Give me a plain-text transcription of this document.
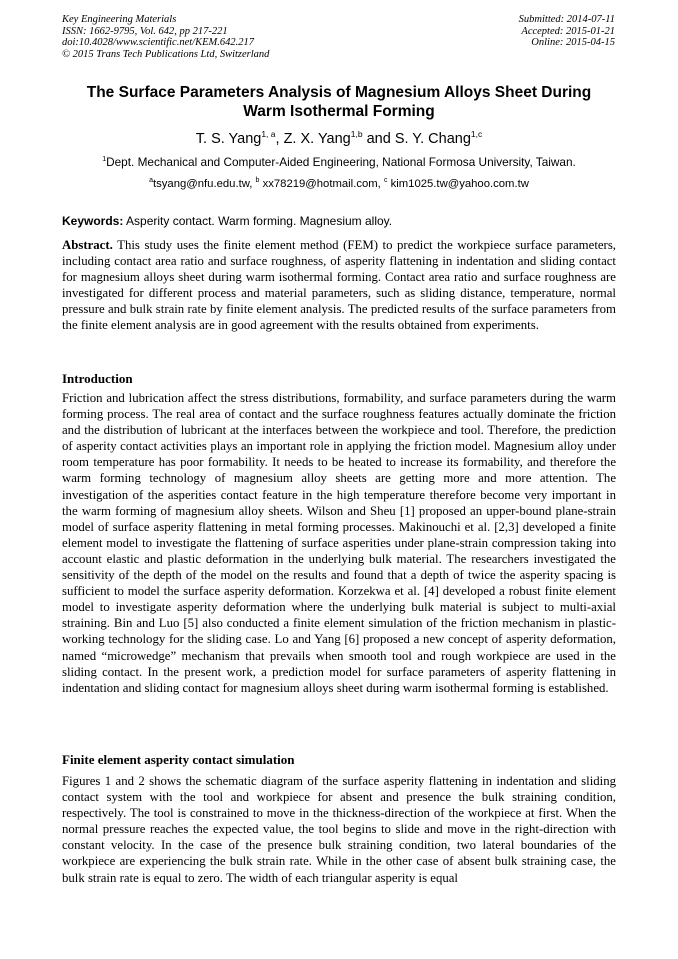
Key Engineering Materials
ISSN: 1662-9795, Vol. 642, pp 217-221
doi:10.4028/www.scientific.net/KEM.642.217
© 2015 Trans Tech Publications Ltd, Switzerland
Submitted: 2014-07-11
Accepted: 2015-01-21
Online: 2015-04-15
The Surface Parameters Analysis of Magnesium Alloys Sheet During
Warm Isothermal Forming
T. S. Yang$^{1, a}$, Z. X. Yang$^{1,b}$ and S. Y. Chang$^{1,c}$
$^1$Dept. Mechanical and Computer-Aided Engineering, National Formosa University, Taiwan.
$^a$tsyang@nfu.edu.tw, $^b$ xx78219@hotmail.com, $^c$ kim1025.tw@yahoo.com.tw
Keywords: Asperity contact. Warm forming. Magnesium alloy.
Abstract. This study uses the finite element method (FEM) to predict the workpiece surface parameters, including contact area ratio and surface roughness, of asperity flattening in indentation and sliding contact for magnesium alloys sheet during warm isothermal forming. Contact area ratio and surface roughness are investigated for different process and material parameters, such as sliding distance, temperature, normal pressure and bulk strain rate by finite element analysis. The predicted results of the surface parameters from the finite element analysis are in good agreement with the results obtained from experiments.
Introduction
Friction and lubrication affect the stress distributions, formability, and surface parameters during the warm forming process. The real area of contact and the surface roughness features actually dominate the friction and the distribution of lubricant at the interfaces between the workpiece and tool. Therefore, the prediction of asperity contact activities plays an important role in applying the friction model. Magnesium alloy under room temperature has poor formability. It needs to be heated to increase its formability, and therefore the warm forming technology of magnesium alloy sheets are getting more and more attention. The investigation of the asperities contact feature in the high temperature therefore become very important in the warm forming of magnesium alloy sheets. Wilson and Sheu [1] proposed an upper-bound plane-strain model of surface asperity flattening in metal forming processes. Makinouchi et al. [2,3] developed a finite element model to investigate the flattening of surface asperities under plane-strain compression taking into account elastic and plastic deformation in the underlying bulk material. The researchers investigated the sensitivity of the depth of the model on the results and found that a depth of twice the asperity spacing is sufficient to model the surface asperity deformation. Korzekwa et al. [4] developed a robust finite element model to investigate asperity deformation where the underlying bulk material is subject to multi-axial straining. Bin and Luo [5] also conducted a finite element simulation of the friction mechanism in plastic-working technology for the sliding case. Lo and Yang [6] proposed a new concept of asperity deformation, named “microwedge” mechanism that prevails when smooth tool and rough workpiece are used in the sliding contact. In the present work, a prediction model for surface parameters of asperity flattening in indentation and sliding contact for magnesium alloys sheet during warm isothermal forming is established.
Finite element asperity contact simulation
Figures 1 and 2 shows the schematic diagram of the surface asperity flattening in indentation and sliding contact system with the tool and workpiece for absent and presence the bulk straining condition, respectively. The tool is constrained to move in the thickness-direction of the workpiece at first. When the normal pressure reaches the expected value, the tool begins to slide and move in the right-direction with constant velocity. In the case of the presence bulk straining condition, two lateral boundaries of the workpiece are experiencing the bulk strain rate. While in the other case of absent bulk straining case, the bulk strain rate is equal to zero. The width of each triangular asperity is equal
